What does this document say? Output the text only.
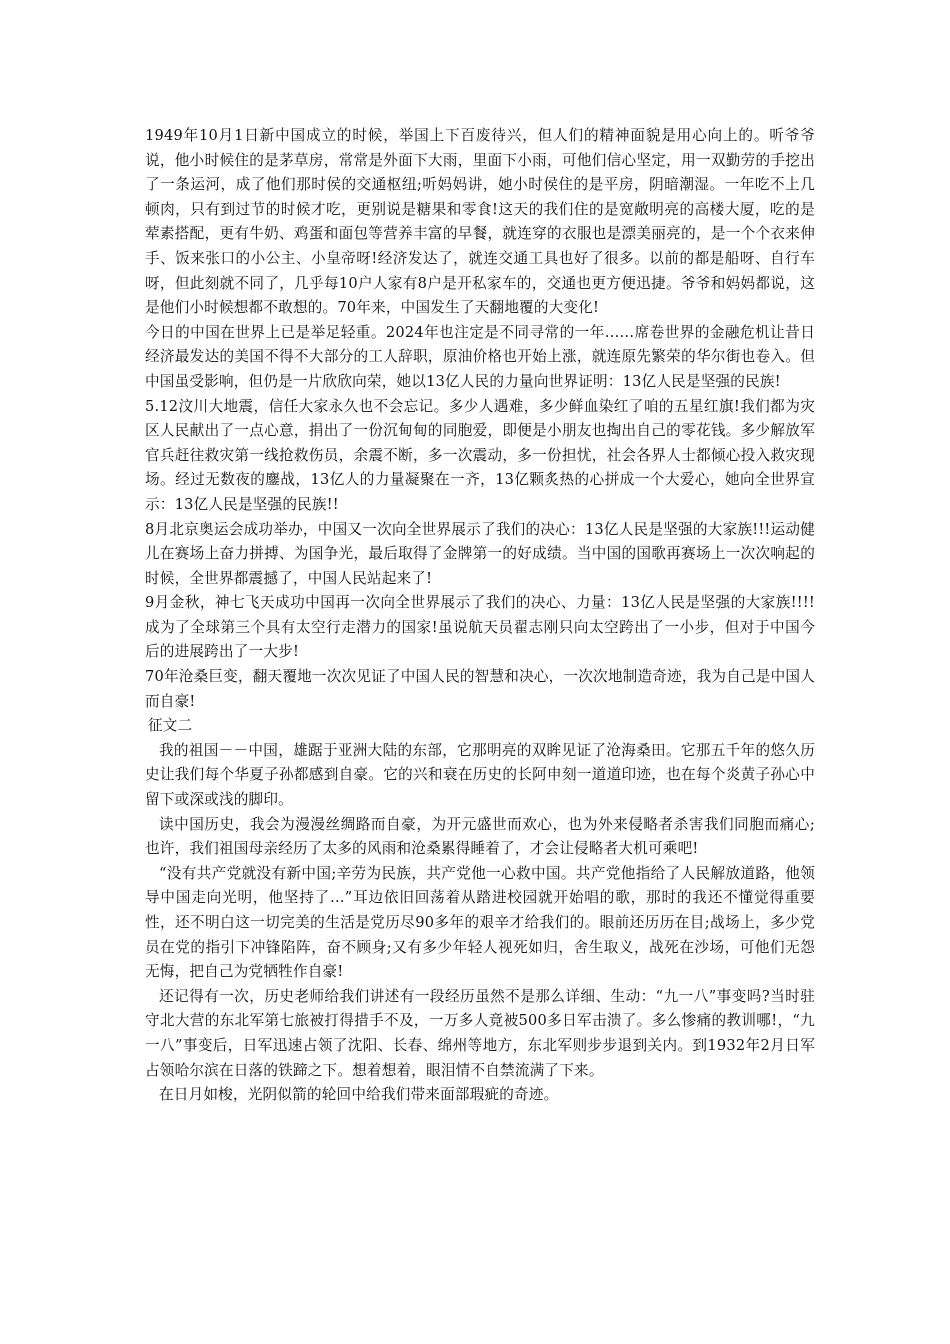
1949年10月1日新中国成立的时候，举国上下百废待兴，但人们的精神面貌是用心向上的。听爷爷说，他小时候住的是茅草房，常常是外面下大雨，里面下小雨，可他们信心坚定，用一双勤劳的手挖出了一条运河，成了他们那时侯的交通枢纽;听妈妈讲，她小时侯住的是平房，阴暗潮湿。一年吃不上几顿肉，只有到过节的时候才吃，更别说是糖果和零食!这天的我们住的是宽敞明亮的高楼大厦，吃的是荤素搭配，更有牛奶、鸡蛋和面包等营养丰富的早餐，就连穿的衣服也是漂美丽亮的，是一个个衣来伸手、饭来张口的小公主、小皇帝呀!经济发达了，就连交通工具也好了很多。以前的都是船呀、自行车呀，但此刻就不同了，几乎每10户人家有8户是开私家车的，交通也更方便迅捷。爷爷和妈妈都说，这是他们小时候想都不敢想的。70年来，中国发生了天翻地覆的大变化!

今日的中国在世界上已是举足轻重。2024年也注定是不同寻常的一年……席卷世界的金融危机让昔日经济最发达的美国不得不大部分的工人辞职，原油价格也开始上涨，就连原先繁荣的华尔街也卷入。但中国虽受影响，但仍是一片欣欣向荣，她以13亿人民的力量向世界证明：13亿人民是坚强的民族!

5.12汶川大地震，信任大家永久也不会忘记。多少人遇难，多少鲜血染红了咱的五星红旗!我们都为灾区人民献出了一点心意，捐出了一份沉甸甸的同胞爱，即便是小朋友也掏出自己的零花钱。多少解放军官兵赶往救灾第一线抢救伤员，余震不断，多一次震动，多一份担忧，社会各界人士都倾心投入救灾现场。经过无数夜的鏖战，13亿人的力量凝聚在一齐，13亿颗炙热的心拼成一个大爱心，她向全世界宣示：13亿人民是坚强的民族!!

8月北京奥运会成功举办，中国又一次向全世界展示了我们的决心：13亿人民是坚强的大家族!!!运动健儿在赛场上奋力拼搏、为国争光，最后取得了金牌第一的好成绩。当中国的国歌再赛场上一次次响起的时候，全世界都震撼了，中国人民站起来了!

9月金秋，神七飞天成功中国再一次向全世界展示了我们的决心、力量：13亿人民是坚强的大家族!!!!成为了全球第三个具有太空行走潜力的国家!虽说航天员翟志刚只向太空跨出了一小步，但对于中国今后的进展跨出了一大步!

70年沧桑巨变，翻天覆地一次次见证了中国人民的智慧和决心，一次次地制造奇迹，我为自己是中国人而自豪!

征文二

我的祖国－－中国，雄踞于亚洲大陆的东部，它那明亮的双眸见证了沧海桑田。它那五千年的悠久历史让我们每个华夏子孙都感到自豪。它的兴和衰在历史的长阿申刻一道道印迹，也在每个炎黄子孙心中留下或深或浅的脚印。

读中国历史，我会为漫漫丝绸路而自豪，为开元盛世而欢心，也为外来侵略者杀害我们同胞而痛心;也许，我们祖国母亲经历了太多的风雨和沧桑累得睡着了，才会让侵略者大机可乘吧!

“没有共产党就没有新中国;辛劳为民族，共产党他一心救中国。共产党他指给了人民解放道路，他领导中国走向光明，他坚持了…”耳边依旧回荡着从踏进校园就开始唱的歌，那时的我还不懂觉得重要性，还不明白这一切完美的生活是党历尽90多年的艰辛才给我们的。眼前还历历在目;战场上，多少党员在党的指引下冲锋陷阵，奋不顾身;又有多少年轻人视死如归，舍生取义，战死在沙场，可他们无怨无悔，把自己为党牺牲作自豪!

还记得有一次，历史老师给我们讲述有一段经历虽然不是那么详细、生动：“九一八”事变吗?当时驻守北大营的东北军第七旅被打得措手不及，一万多人竟被500多日军击溃了。多么惨痛的教训哪!，“九一八”事变后，日军迅速占领了沈阳、长春、绵州等地方，东北军则步步退到关内。到1932年2月日军占领哈尔滨在日落的铁蹄之下。想着想着，眼泪情不自禁流满了下来。

在日月如梭，光阴似箭的轮回中给我们带来面部瑕疵的奇迹。
